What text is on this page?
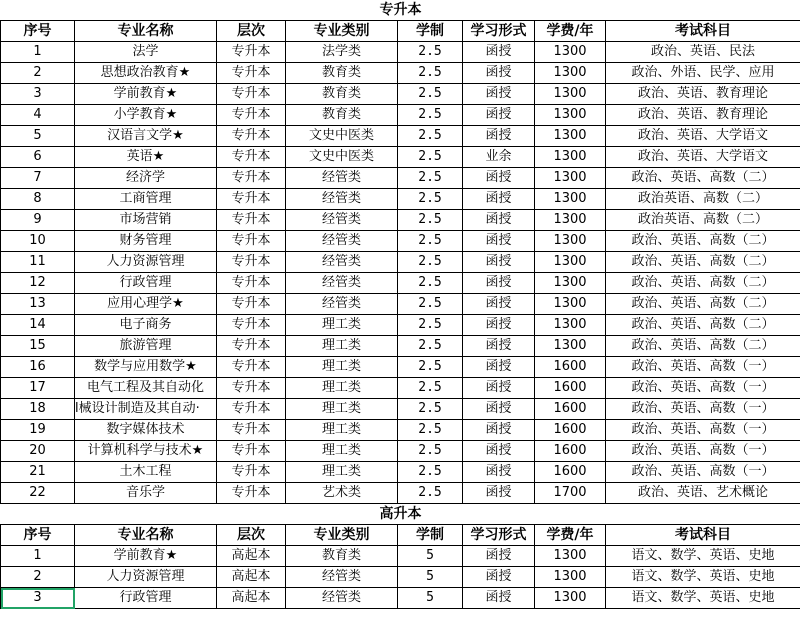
专升本							
序号	专业名称	层次	专业类别	学制	学习形式	学费/年	考试科目
1	法学	专升本	法学类	2.5	函授	1300	政治、英语、民法
2	思想政治教育★	专升本	教育类	2.5	函授	1300	政治、外语、民学、应用
3	学前教育★	专升本	教育类	2.5	函授	1300	政治、英语、教育理论
4	小学教育★	专升本	教育类	2.5	函授	1300	政治、英语、教育理论
5	汉语言文学★	专升本	文史中医类	2.5	函授	1300	政治、英语、大学语文
6	英语★	专升本	文史中医类	2.5	业余	1300	政治、英语、大学语文
7	经济学	专升本	经管类	2.5	函授	1300	政治、英语、高数（二）
8	工商管理	专升本	经管类	2.5	函授	1300	政治英语、高数（二）
9	市场营销	专升本	经管类	2.5	函授	1300	政治英语、高数（二）
10	财务管理	专升本	经管类	2.5	函授	1300	政治、英语、高数（二）
11	人力资源管理	专升本	经管类	2.5	函授	1300	政治、英语、高数（二）
12	行政管理	专升本	经管类	2.5	函授	1300	政治、英语、高数（二）
13	应用心理学★	专升本	经管类	2.5	函授	1300	政治、英语、高数（二）
14	电子商务	专升本	理工类	2.5	函授	1300	政治、英语、高数（二）
15	旅游管理	专升本	理工类	2.5	函授	1300	政治、英语、高数（二）
16	数学与应用数学★	专升本	理工类	2.5	函授	1600	政治、英语、高数（一）
17	电气工程及其自动化	专升本	理工类	2.5	函授	1600	政治、英语、高数（一）
18	l械设计制造及其自动·	专升本	理工类	2.5	函授	1600	政治、英语、高数（一）
19	数字媒体技术	专升本	理工类	2.5	函授	1600	政治、英语、高数（一）
20	计算机科学与技术★	专升本	理工类	2.5	函授	1600	政治、英语、高数（一）
21	土木工程	专升本	理工类	2.5	函授	1600	政治、英语、高数（一）
22	音乐学	专升本	艺术类	2.5	函授	1700	政治、英语、艺术概论
高升本							
序号	专业名称	层次	专业类别	学制	学习形式	学费/年	考试科目
1	学前教育★	高起本	教育类	5	函授	1300	语文、数学、英语、史地
2	人力资源管理	高起本	经管类	5	函授	1300	语文、数学、英语、史地
3	行政管理	高起本	经管类	5	函授	1300	语文、数学、英语、史地
